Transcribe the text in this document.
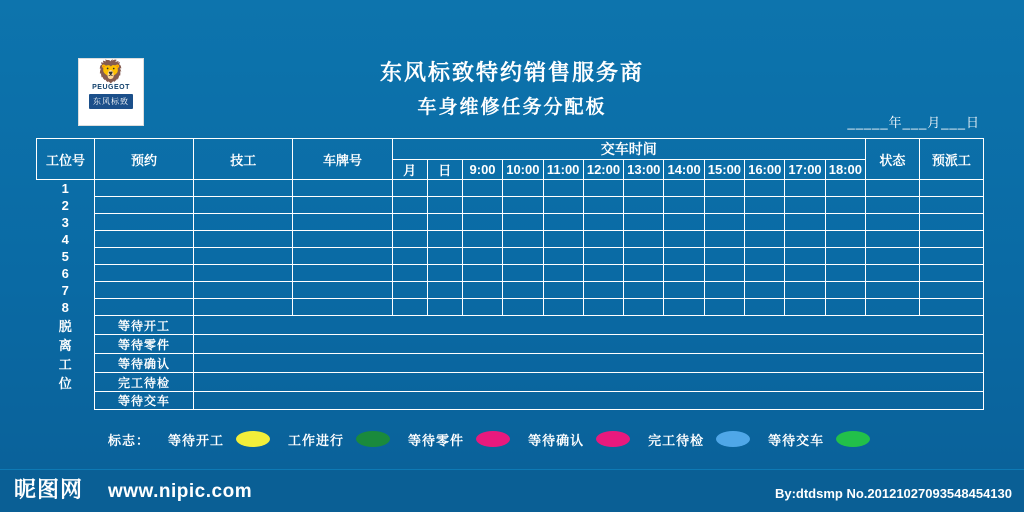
🦁
PEUGEOT
东风标致
东风标致特约销售服务商
车身维修任务分配板
_____年___月___日
工位号	预约	技工	车牌号	交车时间												状态	预派工
				月	日	9:00	10:00	11:00	12:00	13:00	14:00	15:00	16:00	17:00	18:00		
1																	
2																	
3																	
4																	
5																	
6																	
7																	
8																	
脱	等待开工																
离	等待零件																
工	等待确认																
位	完工待检																
	等待交车																
标志： 等待开工	工作进行	等待零件	等待确认	完工待检	等待交车
昵图网 www.nipic.com	By:dtdsmp No.20121027093548454130
